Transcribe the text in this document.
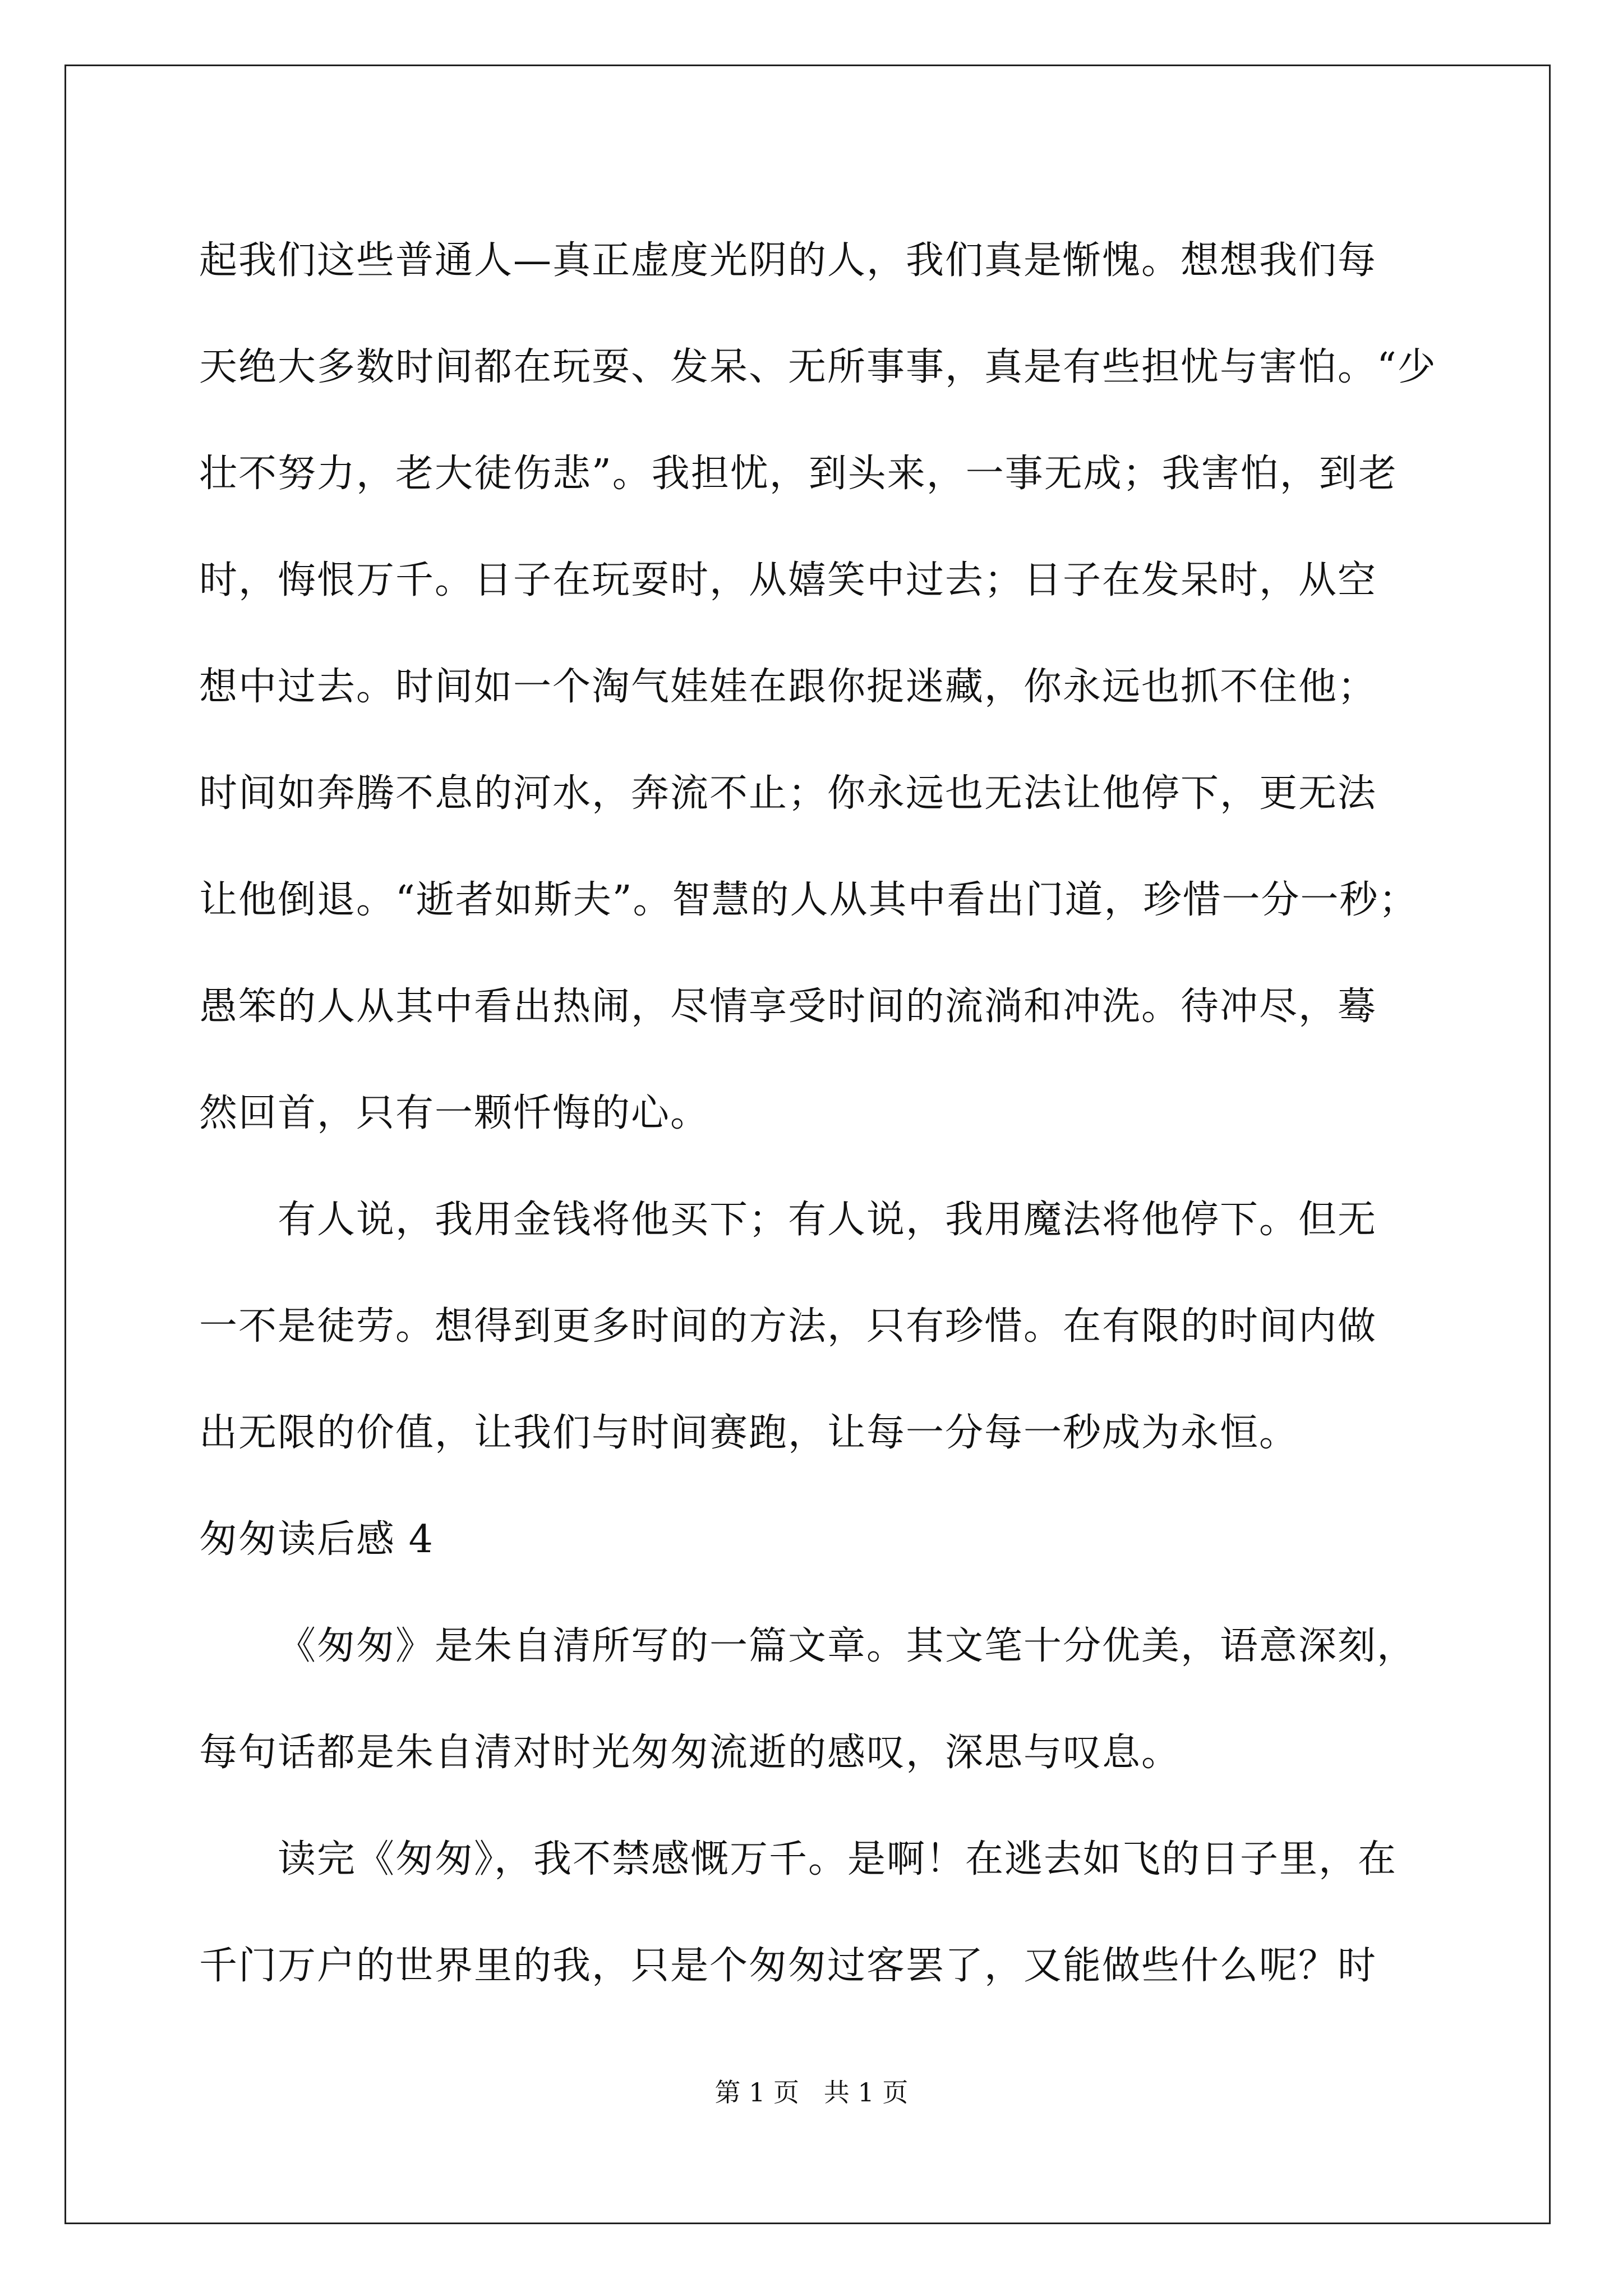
起我们这些普通人—真正虚度光阴的人，我们真是惭愧。想想我们每
天绝大多数时间都在玩耍、发呆、无所事事，真是有些担忧与害怕。“少
壮不努力，老大徒伤悲”。我担忧，到头来，一事无成；我害怕，到老
时，悔恨万千。日子在玩耍时，从嬉笑中过去；日子在发呆时，从空
想中过去。时间如一个淘气娃娃在跟你捉迷藏，你永远也抓不住他；
时间如奔腾不息的河水，奔流不止；你永远也无法让他停下，更无法
让他倒退。“逝者如斯夫”。智慧的人从其中看出门道，珍惜一分一秒；
愚笨的人从其中看出热闹，尽情享受时间的流淌和冲洗。待冲尽，蓦
然回首，只有一颗忏悔的心。
有人说，我用金钱将他买下；有人说，我用魔法将他停下。但无
一不是徒劳。想得到更多时间的方法，只有珍惜。在有限的时间内做
出无限的价值，让我们与时间赛跑，让每一分每一秒成为永恒。
匆匆读后感 4
《匆匆》是朱自清所写的一篇文章。其文笔十分优美，语意深刻，
每句话都是朱自清对时光匆匆流逝的感叹，深思与叹息。
读完《匆匆》，我不禁感慨万千。是啊！在逃去如飞的日子里，在
千门万户的世界里的我，只是个匆匆过客罢了，又能做些什么呢？时
第 1 页   共 1 页
